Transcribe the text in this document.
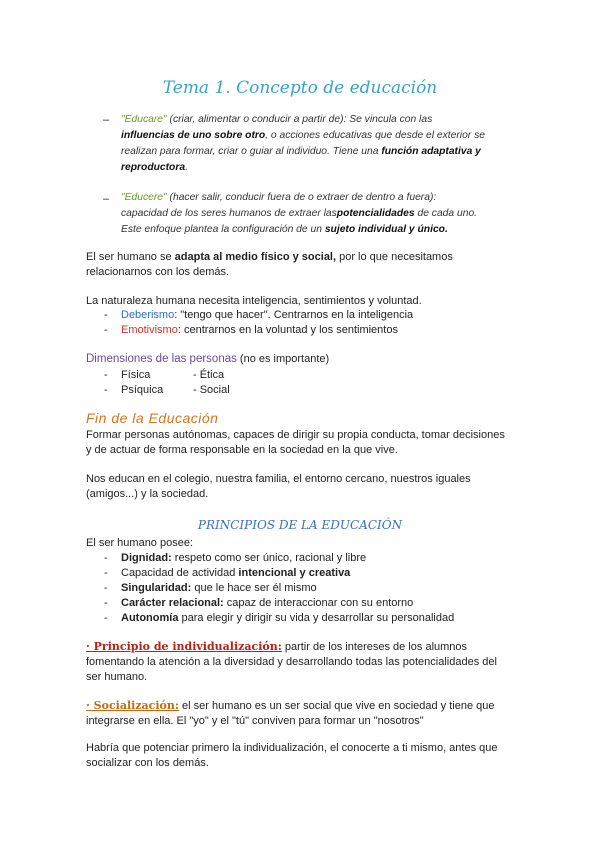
Tema 1. Concepto de educación
– "Educare" (criar, alimentar o conducir a partir de): Se vincula con las
influencias de uno sobre otro, o acciones educativas que desde el exterior se
realizan para formar, criar o guiar al individuo. Tiene una función adaptativa y
reproductora.
– "Educere" (hacer salir, conducir fuera de o extraer de dentro a fuera):
capacidad de los seres humanos de extraer laspotencialidades de cada uno.
Este enfoque plantea la configuración de un sujeto individual y único.
El ser humano se adapta al medio físico y social, por lo que necesitamos
relacionarnos con los demás.
La naturaleza humana necesita inteligencia, sentimientos y voluntad.
- Deberismo: "tengo que hacer". Centrarnos en la inteligencia
- Emotivismo: centrarnos en la voluntad y los sentimientos
Dimensiones de las personas (no es importante)
- Física	- Ética
- Psíquica	- Social
Fin de la Educación
Formar personas autónomas, capaces de dirigir su propia conducta, tomar decisiones
y de actuar de forma responsable en la sociedad en la que vive.
Nos educan en el colegio, nuestra familia, el entorno cercano, nuestros iguales
(amigos...) y la sociedad.
PRINCIPIOS DE LA EDUCACIÓN
El ser humano posee:
- Dignidad: respeto como ser único, racional y libre
- Capacidad de actividad intencional y creativa
- Singularidad: que le hace ser él mismo
- Carácter relacional: capaz de interaccionar con su entorno
- Autonomía para elegir y dirigir su vida y desarrollar su personalidad
· Principio de individualización: partir de los intereses de los alumnos
fomentando la atención a la diversidad y desarrollando todas las potencialidades del
ser humano.
· Socialización: el ser humano es un ser social que vive en sociedad y tiene que
integrarse en ella. El "yo" y el "tú" conviven para formar un "nosotros"
Habría que potenciar primero la individualización, el conocerte a ti mismo, antes que
socializar con los demás.
